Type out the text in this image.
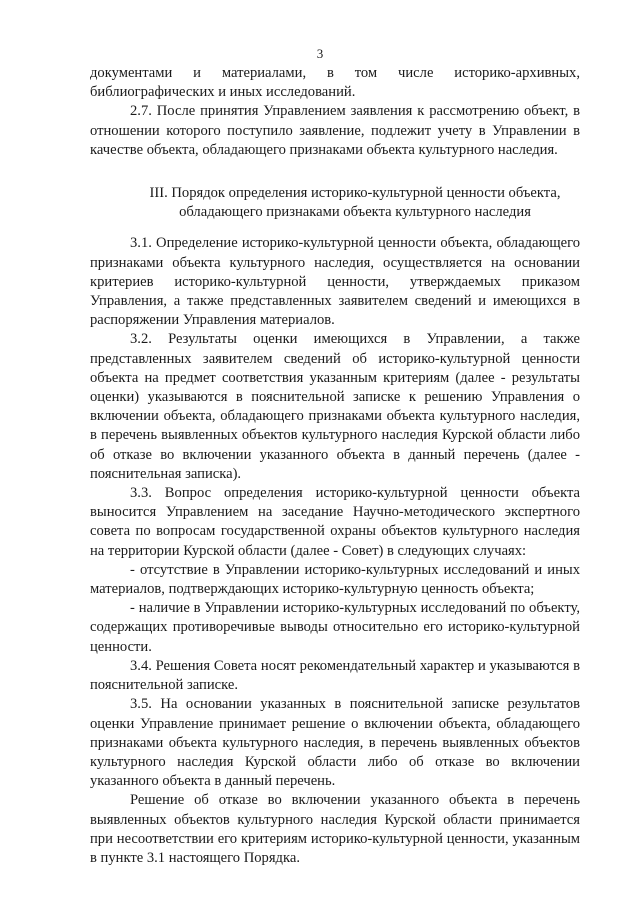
3

документами и материалами, в том числе историко-архивных, библиографических и иных исследований.

2.7. После принятия Управлением заявления к рассмотрению объект, в отношении которого поступило заявление, подлежит учету в Управлении в качестве объекта, обладающего признаками объекта культурного наследия.

III. Порядок определения историко-культурной ценности объекта,

обладающего признаками объекта культурного наследия

3.1. Определение историко-культурной ценности объекта, обладающего признаками объекта культурного наследия, осуществляется на основании критериев историко-культурной ценности, утверждаемых приказом Управления, а также представленных заявителем сведений и имеющихся в распоряжении Управления материалов.

3.2. Результаты оценки имеющихся в Управлении, а также представленных заявителем сведений об историко-культурной ценности объекта на предмет соответствия указанным критериям (далее - результаты оценки) указываются в пояснительной записке к решению Управления о включении объекта, обладающего признаками объекта культурного наследия, в перечень выявленных объектов культурного наследия Курской области либо об отказе во включении указанного объекта в данный перечень (далее - пояснительная записка).

3.3. Вопрос определения историко-культурной ценности объекта выносится Управлением на заседание Научно-методического экспертного совета по вопросам государственной охраны объектов культурного наследия на территории Курской области (далее - Совет) в следующих случаях:

- отсутствие в Управлении историко-культурных исследований и иных материалов, подтверждающих историко-культурную ценность объекта;

- наличие в Управлении историко-культурных исследований по объекту, содержащих противоречивые выводы относительно его историко-культурной ценности.

3.4. Решения Совета носят рекомендательный характер и указываются в пояснительной записке.

3.5. На основании указанных в пояснительной записке результатов оценки Управление принимает решение о включении объекта, обладающего признаками объекта культурного наследия, в перечень выявленных объектов культурного наследия Курской области либо об отказе во включении указанного объекта в данный перечень.

Решение об отказе во включении указанного объекта в перечень выявленных объектов культурного наследия Курской области принимается при несоответствии его критериям историко-культурной ценности, указанным в пункте 3.1 настоящего Порядка.
